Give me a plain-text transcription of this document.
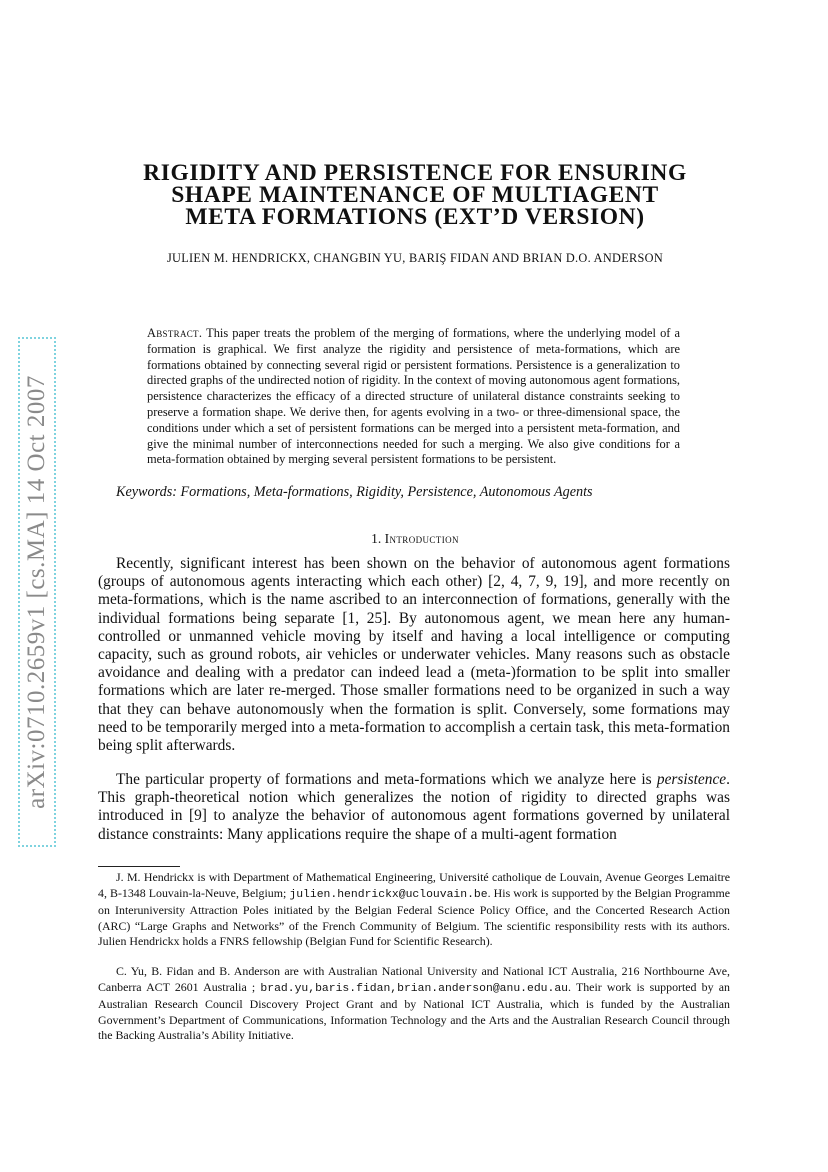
arXiv:0710.2659v1 [cs.MA] 14 Oct 2007
RIGIDITY AND PERSISTENCE FOR ENSURING
SHAPE MAINTENANCE OF MULTIAGENT
META FORMATIONS (EXT’D VERSION)

JULIEN M. HENDRICKX, CHANGBIN YU, BARIŞ FIDAN AND BRIAN D.O. ANDERSON

Abstract. This paper treats the problem of the merging of formations, where the underlying model of a formation is graphical. We first analyze the rigidity and persistence of meta-formations, which are formations obtained by connecting several rigid or persistent formations. Persistence is a generalization to directed graphs of the undirected notion of rigidity. In the context of moving autonomous agent formations, persistence characterizes the efficacy of a directed structure of unilateral distance constraints seeking to preserve a formation shape. We derive then, for agents evolving in a two- or three-dimensional space, the conditions under which a set of persistent formations can be merged into a persistent meta-formation, and give the minimal number of interconnections needed for such a merging. We also give conditions for a meta-formation obtained by merging several persistent formations to be persistent.

Keywords: Formations, Meta-formations, Rigidity, Persistence, Autonomous Agents

1. Introduction

Recently, significant interest has been shown on the behavior of autonomous agent formations (groups of autonomous agents interacting which each other) [2, 4, 7, 9, 19], and more recently on meta-formations, which is the name ascribed to an interconnection of formations, generally with the individual formations being separate [1, 25]. By autonomous agent, we mean here any human-controlled or unmanned vehicle moving by itself and having a local intelligence or computing capacity, such as ground robots, air vehicles or underwater vehicles. Many reasons such as obstacle avoidance and dealing with a predator can indeed lead a (meta-)formation to be split into smaller formations which are later re-merged. Those smaller formations need to be organized in such a way that they can behave autonomously when the formation is split. Conversely, some formations may need to be temporarily merged into a meta-formation to accomplish a certain task, this meta-formation being split afterwards.

The particular property of formations and meta-formations which we analyze here is persistence. This graph-theoretical notion which generalizes the notion of rigidity to directed graphs was introduced in [9] to analyze the behavior of autonomous agent formations governed by unilateral distance constraints: Many applications require the shape of a multi-agent formation

J. M. Hendrickx is with Department of Mathematical Engineering, Université catholique de Louvain, Avenue Georges Lemaitre 4, B-1348 Louvain-la-Neuve, Belgium; julien.hendrickx@uclouvain.be. His work is supported by the Belgian Programme on Interuniversity Attraction Poles initiated by the Belgian Federal Science Policy Office, and the Concerted Research Action (ARC) “Large Graphs and Networks” of the French Community of Belgium. The scientific responsibility rests with its authors. Julien Hendrickx holds a FNRS fellowship (Belgian Fund for Scientific Research).

C. Yu, B. Fidan and B. Anderson are with Australian National University and National ICT Australia, 216 Northbourne Ave, Canberra ACT 2601 Australia ; brad.yu,baris.fidan,brian.anderson@anu.edu.au. Their work is supported by an Australian Research Council Discovery Project Grant and by National ICT Australia, which is funded by the Australian Government’s Department of Communications, Information Technology and the Arts and the Australian Research Council through the Backing Australia’s Ability Initiative.
